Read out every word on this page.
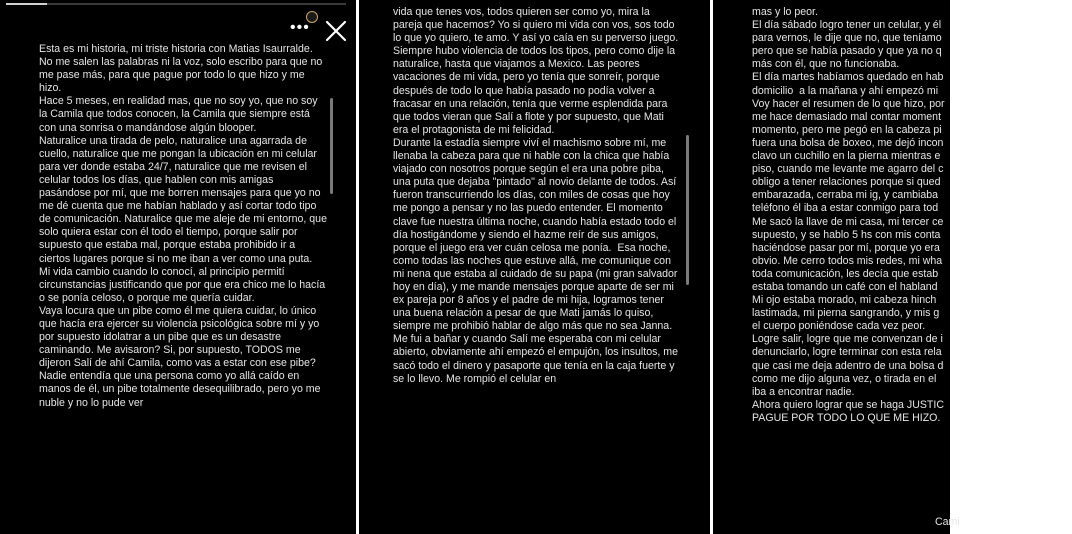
•••
Esta es mi historia, mi triste historia con Matias Isaurralde.
No me salen las palabras ni la voz, solo escribo para que no me pase más, para que pague por todo lo que hizo y me hizo.
Hace 5 meses, en realidad mas, que no soy yo, que no soy la Camila que todos conocen, la Camila que siempre está con una sonrisa o mandándose algún blooper.
Naturalice una tirada de pelo, naturalice una agarrada de cuello, naturalice que me pongan la ubicación en mi celular para ver donde estaba 24/7, naturalice que me revisen el celular todos los días, que hablen con mis amigas pasándose por mí, que me borren mensajes para que yo no me dé cuenta que me habían hablado y así cortar todo tipo de comunicación. Naturalice que me aleje de mi entorno, que solo quiera estar con él todo el tiempo, porque salir por supuesto que estaba mal, porque estaba prohibido ir a ciertos lugares porque si no me iban a ver como una puta.
Mi vida cambio cuando lo conocí, al principio permití circunstancias justificando que por que era chico me lo hacía o se ponía celoso, o porque me quería cuidar.
Vaya locura que un pibe como él me quiera cuidar, lo único que hacía era ejercer su violencia psicológica sobre mí y yo por supuesto idolatrar a un pibe que es un desastre caminando. Me avisaron? Si, por supuesto, TODOS me dijeron Salí de ahí Camila, como vas a estar con ese pibe? Nadie entendía que una persona como yo allá caído en manos de él, un pibe totalmente desequilibrado, pero yo me nuble y no lo pude ver
vida que tenes vos, todos quieren ser como yo, mira la pareja que hacemos? Yo si quiero mi vida con vos, sos todo lo que yo quiero, te amo. Y así yo caía en su perverso juego.
Siempre hubo violencia de todos los tipos, pero como dije la naturalice, hasta que viajamos a Mexico. Las peores vacaciones de mi vida, pero yo tenía que sonreír, porque después de todo lo que había pasado no podía volver a fracasar en una relación, tenía que verme esplendida para que todos vieran que Salí a flote y por supuesto, que Mati era el protagonista de mi felicidad.
Durante la estadía siempre viví el machismo sobre mí, me llenaba la cabeza para que ni hable con la chica que había viajado con nosotros porque según el era una pobre piba, una puta que dejaba "pintado" al novio delante de todos. Así fueron transcurriendo los días, con miles de cosas que hoy me pongo a pensar y no las puedo entender. El momento clave fue nuestra última noche, cuando había estado todo el día hostigándome y siendo el hazme reír de sus amigos, porque el juego era ver cuán celosa me ponía.  Esa noche, como todas las noches que estuve allá, me comunique con mi nena que estaba al cuidado de su papa (mi gran salvador hoy en día), y me mande mensajes porque aparte de ser mi ex pareja por 8 años y el padre de mi hija, logramos tener una buena relación a pesar de que Mati jamás lo quiso, siempre me prohibió hablar de algo más que no sea Janna.  Me fui a bañar y cuando Salí me esperaba con mi celular abierto, obviamente ahí empezó el empujón, los insultos, me sacó todo el dinero y pasaporte que tenía en la caja fuerte y se lo llevo. Me rompió el celular en
mas y lo peor.
El día sábado logro tener un celular, y él
para vernos, le dije que no, que teníamo
pero que se había pasado y que ya no q
más con él, que no funcionaba.
El día martes habíamos quedado en hab
domicilio  a la mañana y ahí empezó mi
Voy hacer el resumen de lo que hizo, por
me hace demasiado mal contar moment
momento, pero me pegó en la cabeza pi
fuera una bolsa de boxeo, me dejó incon
clavo un cuchillo en la pierna mientras e
piso, cuando me levante me agarro del c
obligo a tener relaciones porque si qued
embarazada, cerraba mi ig, y cambiaba
teléfono él iba a estar conmigo para tod
Me sacó la llave de mi casa, mi tercer ce
supuesto, y se hablo 5 hs con mis conta
haciéndose pasar por mí, porque yo era
obvio. Me cerro todos mis redes, mi wha
toda comunicación, les decía que estab
estaba tomando un café con el habland
Mi ojo estaba morado, mi cabeza hinch
lastimada, mi pierna sangrando, y mis g
el cuerpo poniéndose cada vez peor.
Logre salir, logre que me convenzan de i
denunciarlo, logre terminar con esta rela
que casi me deja adentro de una bolsa d
como me dijo alguna vez, o tirada en el
iba a encontrar nadie.
Ahora quiero lograr que se haga JUSTIC
PAGUE POR TODO LO QUE ME HIZO.
Cami
